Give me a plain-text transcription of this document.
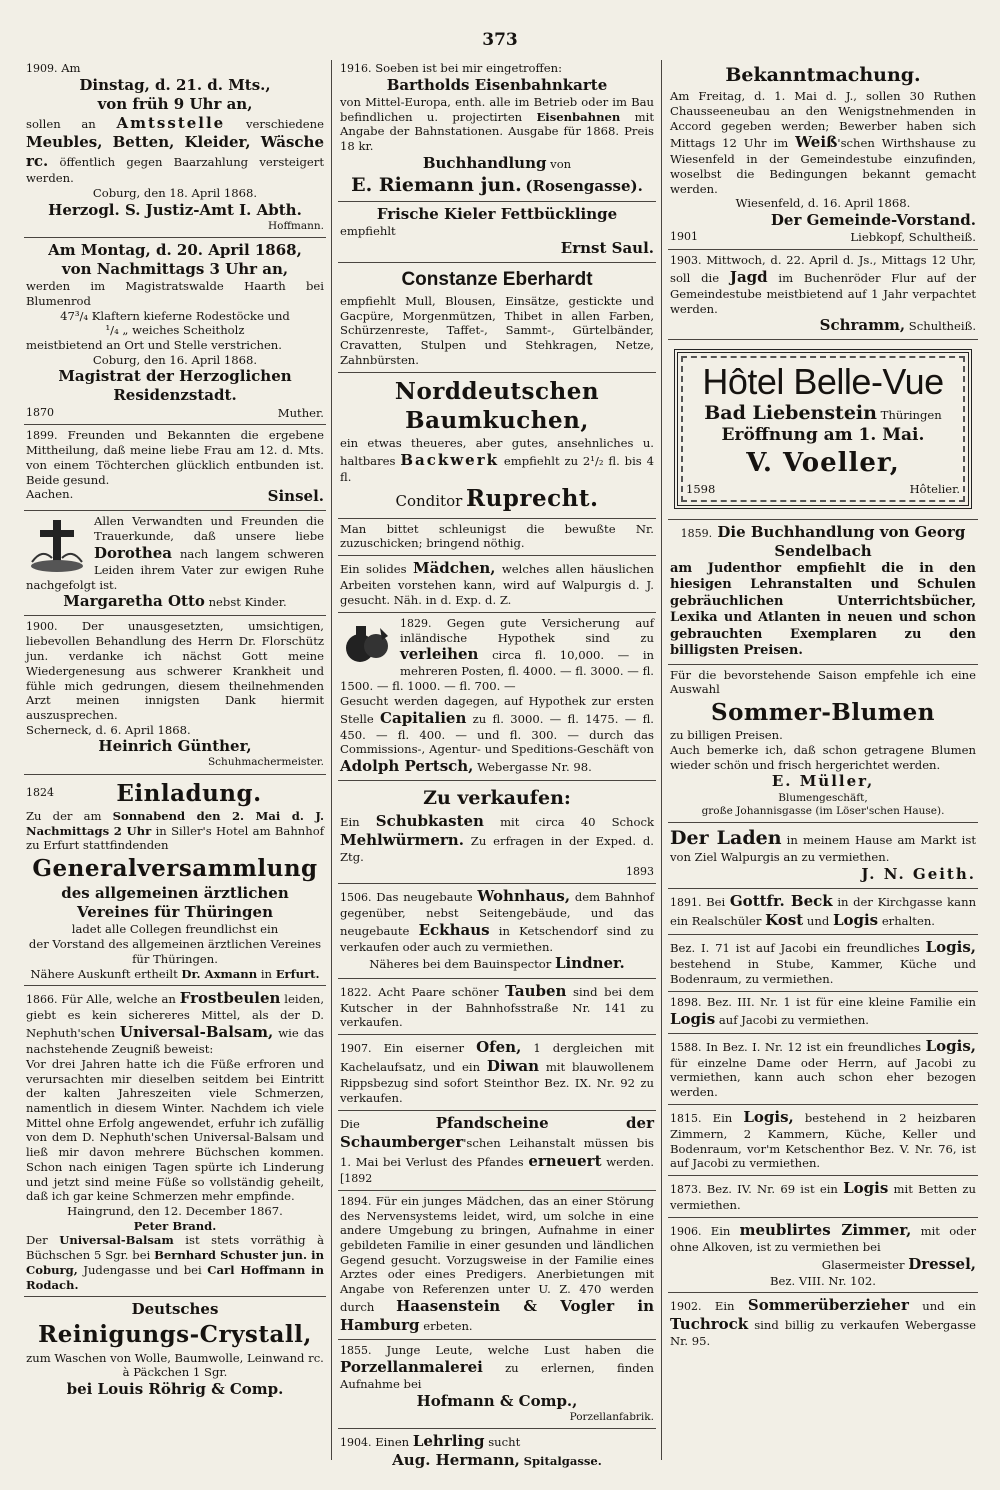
373

1909. Am

Dinstag, d. 21. d. Mts.,
von früh 9 Uhr an,

sollen an Amtsstelle verschiedene Meubles, Betten, Kleider, Wäsche rc. öffentlich gegen Baarzahlung versteigert werden.

Coburg, den 18. April 1868.

Herzogl. S. Justiz-Amt I. Abth.

Hoffmann.

Am Montag, d. 20. April 1868,
von Nachmittags 3 Uhr an,

werden im Magistratswalde Haarth bei Blumenrod

47³/₄ Klaftern kieferne Rodestöcke und

¹/₄ „ weiches Scheitholz

meistbietend an Ort und Stelle verstrichen.

Coburg, den 16. April 1868.

Magistrat der Herzoglichen Residenzstadt.

1870	Muther.

1899. Freunden und Bekannten die ergebene Mittheilung, daß meine liebe Frau am 12. d. Mts. von einem Töchterchen glücklich entbunden ist. Beide gesund.

Aachen.	Sinsel.

Allen Verwandten und Freunden die Trauerkunde, daß unsere liebe Dorothea nach langem schweren Leiden ihrem Vater zur ewigen Ruhe nachgefolgt ist.

Margaretha Otto nebst Kinder.

1900. Der unausgesetzten, umsichtigen, liebevollen Behandlung des Herrn Dr. Florschütz jun. verdanke ich nächst Gott meine Wiedergenesung aus schwerer Krankheit und fühle mich gedrungen, diesem theilnehmenden Arzt meinen innigsten Dank hiermit auszusprechen.

Scherneck, d. 6. April 1868.

Heinrich Günther,

Schuhmachermeister.

1824	Einladung.

Zu der am Sonnabend den 2. Mai d. J. Nachmittags 2 Uhr in Siller's Hotel am Bahnhof zu Erfurt stattfindenden

Generalversammlung
des allgemeinen ärztlichen Vereines für Thüringen

ladet alle Collegen freundlichst ein

der Vorstand des allgemeinen ärztlichen Vereines für Thüringen.

Nähere Auskunft ertheilt Dr. Axmann in Erfurt.

1866. Für Alle, welche an Frostbeulen leiden, giebt es kein sichereres Mittel, als der D. Nephuth'schen Universal-Balsam, wie das nachstehende Zeugniß beweist:

Vor drei Jahren hatte ich die Füße erfroren und verursachten mir dieselben seitdem bei Eintritt der kalten Jahreszeiten viele Schmerzen, namentlich in diesem Winter. Nachdem ich viele Mittel ohne Erfolg angewendet, erfuhr ich zufällig von dem D. Nephuth'schen Universal-Balsam und ließ mir davon mehrere Büchschen kommen. Schon nach einigen Tagen spürte ich Linderung und jetzt sind meine Füße so vollständig geheilt, daß ich gar keine Schmerzen mehr empfinde.

Haingrund, den 12. December 1867.

Peter Brand.

Der Universal-Balsam ist stets vorräthig à Büchschen 5 Sgr. bei Bernhard Schuster jun. in Coburg, Judengasse und bei Carl Hoffmann in Rodach.

Deutsches
Reinigungs-Crystall,

zum Waschen von Wolle, Baumwolle, Leinwand rc.

à Päckchen 1 Sgr.

bei Louis Röhrig & Comp.

1916. Soeben ist bei mir eingetroffen:

Bartholds Eisenbahnkarte

von Mittel-Europa, enth. alle im Betrieb oder im Bau befindlichen u. projectirten Eisenbahnen mit Angabe der Bahnstationen. Ausgabe für 1868. Preis 18 kr.

Buchhandlung von

E. Riemann jun. (Rosengasse).

Frische Kieler Fettbücklinge

empfiehlt

Ernst Saul.

Constanze Eberhardt

empfiehlt Mull, Blousen, Einsätze, gestickte und Gacpüre, Morgenmützen, Thibet in allen Farben, Schürzenreste, Taffet-, Sammt-, Gürtelbänder, Cravatten, Stulpen und Stehkragen, Netze, Zahnbürsten.

Norddeutschen Baumkuchen,

ein etwas theueres, aber gutes, ansehnliches u. haltbares Backwerk empfiehlt zu 2¹/₂ fl. bis 4 fl.

Conditor Ruprecht.

Man bittet schleunigst die bewußte Nr. zuzuschicken; bringend nöthig.

Ein solides Mädchen, welches allen häuslichen Arbeiten vorstehen kann, wird auf Walpurgis d. J. gesucht. Näh. in d. Exp. d. Z.

1829. Gegen gute Versicherung auf inländische Hypothek sind zu verleihen circa fl. 10,000. — in mehreren Posten, fl. 4000. — fl. 3000. — fl. 1500. — fl. 1000. — fl. 700. —

Gesucht werden dagegen, auf Hypothek zur ersten Stelle Capitalien zu fl. 3000. — fl. 1475. — fl. 450. — fl. 400. — und fl. 300. — durch das Commissions-, Agentur- und Speditions-Geschäft von Adolph Pertsch, Webergasse Nr. 98.

Zu verkaufen:

Ein Schubkasten mit circa 40 Schock Mehlwürmern. Zu erfragen in der Exped. d. Ztg.

1893

1506. Das neugebaute Wohnhaus, dem Bahnhof gegenüber, nebst Seitengebäude, und das neugebaute Eckhaus in Ketschendorf sind zu verkaufen oder auch zu vermiethen.

Näheres bei dem Bauinspector Lindner.

1822. Acht Paare schöner Tauben sind bei dem Kutscher in der Bahnhofsstraße Nr. 141 zu verkaufen.

1907. Ein eiserner Ofen, 1 dergleichen mit Kachelaufsatz, und ein Diwan mit blauwollenem Rippsbezug sind sofort Steinthor Bez. IX. Nr. 92 zu verkaufen.

Die	Pfandscheine der Schaumberger'schen Leihanstalt müssen bis 1. Mai bei Verlust des Pfandes erneuert werden. [1892

1894. Für ein junges Mädchen, das an einer Störung des Nervensystems leidet, wird, um solche in eine andere Umgebung zu bringen, Aufnahme in einer gebildeten Familie in einer gesunden und ländlichen Gegend gesucht. Vorzugsweise in der Familie eines Arztes oder eines Predigers. Anerbietungen mit Angabe von Referenzen unter U. Z. 470 werden durch Haasenstein & Vogler in Hamburg erbeten.

1855. Junge Leute, welche Lust haben die Porzellanmalerei zu erlernen, finden Aufnahme bei

Hofmann & Comp.,

Porzellanfabrik.

1904. Einen Lehrling sucht

Aug. Hermann, Spitalgasse.

Bekanntmachung.

Am Freitag, d. 1. Mai d. J., sollen 30 Ruthen Chausseeneubau an den Wenigstnehmenden in Accord gegeben werden; Bewerber haben sich Mittags 12 Uhr im Weiß'schen Wirthshause zu Wiesenfeld in der Gemeindestube einzufinden, woselbst die Bedingungen bekannt gemacht werden.

Wiesenfeld, d. 16. April 1868.

Der Gemeinde-Vorstand.

1901	Liebkopf, Schultheiß.

1903. Mittwoch, d. 22. April d. Js., Mittags 12 Uhr, soll die Jagd im Buchenröder Flur auf der Gemeindestube meistbietend auf 1 Jahr verpachtet werden.

Schramm, Schultheiß.

Hôtel Belle-Vue
Bad Liebenstein Thüringen
Eröffnung am 1. Mai.
V. Voeller,
1598	Hôtelier.

1859. Die Buchhandlung von Georg Sendelbach

am Judenthor empfiehlt die in den hiesigen Lehranstalten und Schulen gebräuchlichen Unterrichtsbücher, Lexika und Atlanten in neuen und schon gebrauchten Exemplaren zu den billigsten Preisen.

Für die bevorstehende Saison empfehle ich eine Auswahl

Sommer-Blumen

zu billigen Preisen.

Auch bemerke ich, daß schon getragene Blumen wieder schön und frisch hergerichtet werden.

E. Müller,

Blumengeschäft,

große Johannisgasse (im Löser'schen Hause).

Der Laden in meinem Hause am Markt ist von Ziel Walpurgis an zu vermiethen.

J. N. Geith.

1891. Bei Gottfr. Beck in der Kirchgasse kann ein Realschüler Kost und Logis erhalten.

Bez. I. 71 ist auf Jacobi ein freundliches Logis, bestehend in Stube, Kammer, Küche und Bodenraum, zu vermiethen.

1898. Bez. III. Nr. 1 ist für eine kleine Familie ein Logis auf Jacobi zu vermiethen.

1588. In Bez. I. Nr. 12 ist ein freundliches Logis, für einzelne Dame oder Herrn, auf Jacobi zu vermiethen, kann auch schon eher bezogen werden.

1815. Ein Logis, bestehend in 2 heizbaren Zimmern, 2 Kammern, Küche, Keller und Bodenraum, vor'm Ketschenthor Bez. V. Nr. 76, ist auf Jacobi zu vermiethen.

1873. Bez. IV. Nr. 69 ist ein Logis mit Betten zu vermiethen.

1906. Ein meublirtes Zimmer, mit oder ohne Alkoven, ist zu vermiethen bei

Glasermeister Dressel,

Bez. VIII. Nr. 102.

1902. Ein Sommerüberzieher und ein Tuchrock sind billig zu verkaufen Webergasse Nr. 95.
